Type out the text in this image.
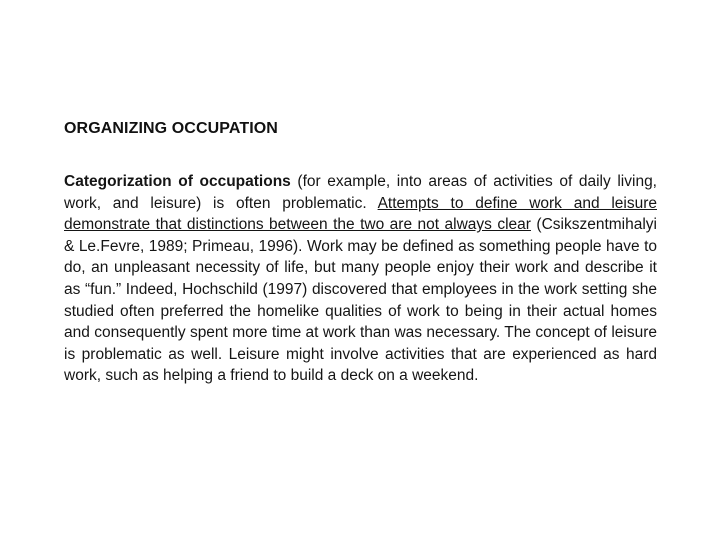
ORGANIZING OCCUPATION

Categorization of occupations (for example, into areas of activities of daily living, work, and leisure) is often problematic. Attempts to define work and leisure demonstrate that distinctions between the two are not always clear (Csikszentmihalyi & Le.Fevre, 1989; Primeau, 1996). Work may be defined as something people have to do, an unpleasant necessity of life, but many people enjoy their work and describe it as “fun.” Indeed, Hochschild (1997) discovered that employees in the work setting she studied often preferred the homelike qualities of work to being in their actual homes and consequently spent more time at work than was necessary. The concept of leisure is problematic as well. Leisure might involve activities that are experienced as hard work, such as helping a friend to build a deck on a weekend.
